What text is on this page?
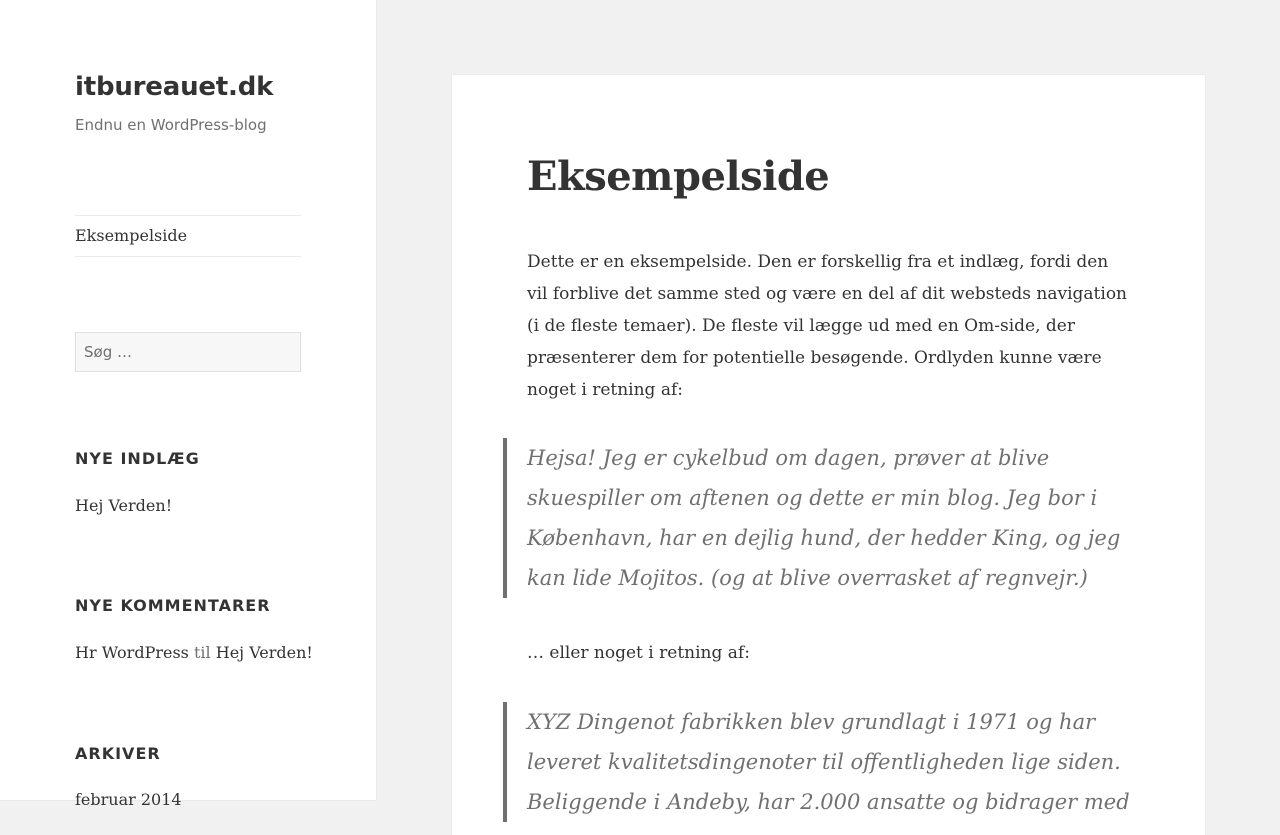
itbureauet.dk
Endnu en WordPress-blog
Eksempelside
Søg …
NYE INDLÆG
Hej Verden!
NYE KOMMENTARER
Hr WordPress til Hej Verden!
ARKIVER
februar 2014
Eksempelside

Dette er en eksempelside. Den er forskellig fra et indlæg, fordi den vil forblive det samme sted og være en del af dit websteds navigation (i de fleste temaer). De fleste vil lægge ud med en Om-side, der præsenterer dem for potentielle besøgende. Ordlyden kunne være noget i retning af:

Hejsa! Jeg er cykelbud om dagen, prøver at blive skuespiller om aftenen og dette er min blog. Jeg bor i København, har en dejlig hund, der hedder King, og jeg kan lide Mojitos. (og at blive overrasket af regnvejr.)

… eller noget i retning af:

XYZ Dingenot fabrikken blev grundlagt i 1971 og har leveret kvalitetsdingenoter til offentligheden lige siden. Beliggende i Andeby, har 2.000 ansatte og bidrager med
